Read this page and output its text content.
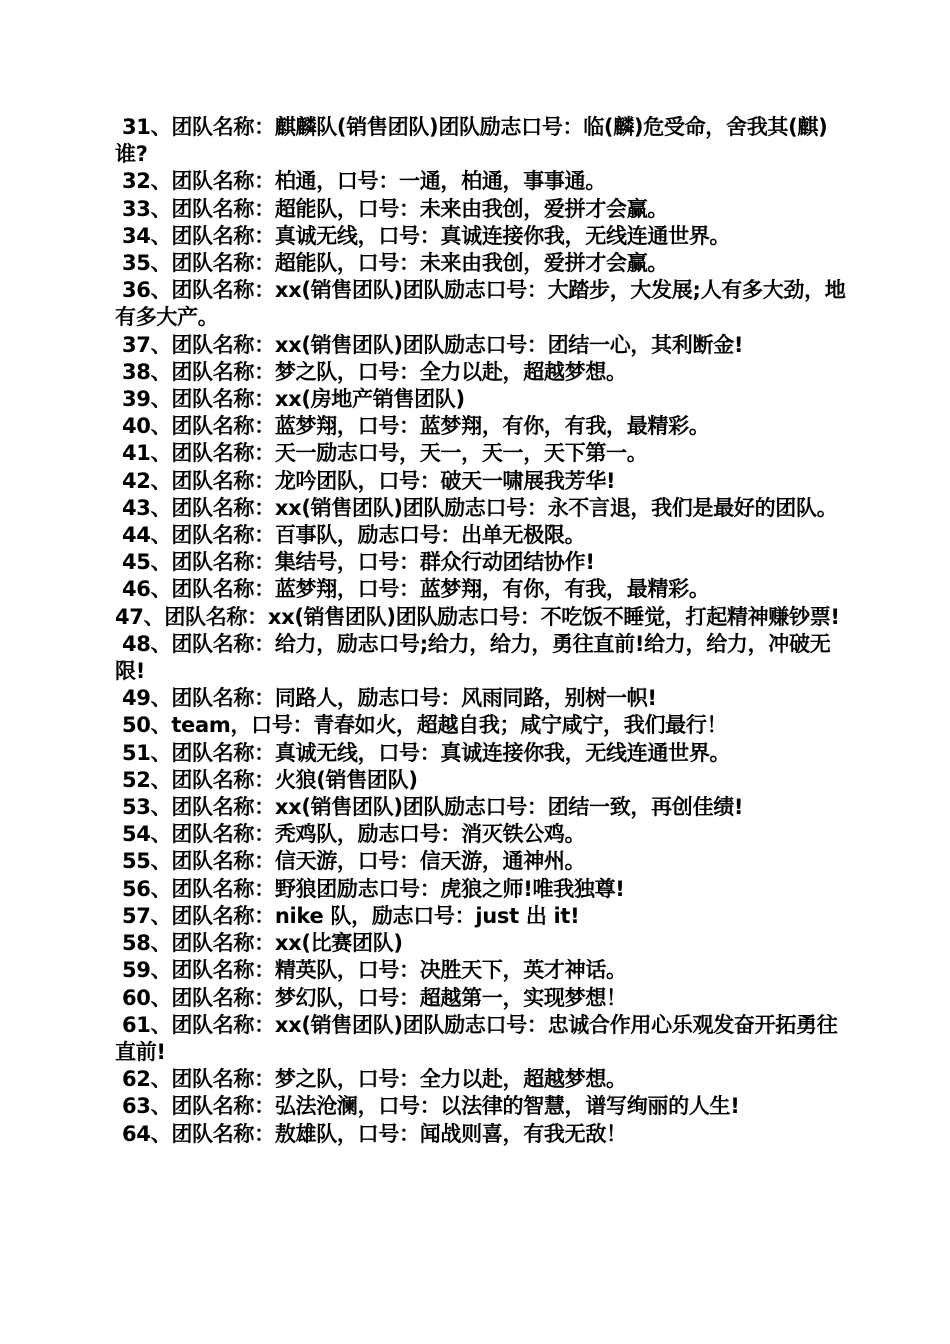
31、团队名称：麒麟队(销售团队)团队励志口号：临(麟)危受命，舍我其(麒)谁?

32、团队名称：柏通，口号：一通，柏通，事事通。

33、团队名称：超能队，口号：未来由我创，爱拼才会赢。

34、团队名称：真诚无线，口号：真诚连接你我，无线连通世界。

35、团队名称：超能队，口号：未来由我创，爱拼才会赢。

36、团队名称：xx(销售团队)团队励志口号：大踏步，大发展;人有多大劲，地有多大产。

37、团队名称：xx(销售团队)团队励志口号：团结一心，其利断金!

38、团队名称：梦之队，口号：全力以赴，超越梦想。

39、团队名称：xx(房地产销售团队)

40、团队名称：蓝梦翔，口号：蓝梦翔，有你，有我，最精彩。

41、团队名称：天一励志口号，天一，天一，天下第一。

42、团队名称：龙吟团队，口号：破天一啸展我芳华!

43、团队名称：xx(销售团队)团队励志口号：永不言退，我们是最好的团队。

44、团队名称：百事队，励志口号：出单无极限。

45、团队名称：集结号，口号：群众行动团结协作!

46、团队名称：蓝梦翔，口号：蓝梦翔，有你，有我，最精彩。

47、团队名称：xx(销售团队)团队励志口号：不吃饭不睡觉，打起精神赚钞票!

48、团队名称：给力，励志口号;给力，给力，勇往直前!给力，给力，冲破无限!

49、团队名称：同路人，励志口号：风雨同路，别树一帜!

50、team，口号：青春如火，超越自我；咸宁咸宁，我们最行！

51、团队名称：真诚无线，口号：真诚连接你我，无线连通世界。

52、团队名称：火狼(销售团队)

53、团队名称：xx(销售团队)团队励志口号：团结一致，再创佳绩!

54、团队名称：秃鸡队，励志口号：消灭铁公鸡。

55、团队名称：信天游，口号：信天游，通神州。

56、团队名称：野狼团励志口号：虎狼之师!唯我独尊!

57、团队名称：nike 队，励志口号：just 出 it!

58、团队名称：xx(比赛团队)

59、团队名称：精英队，口号：决胜天下，英才神话。

60、团队名称：梦幻队，口号：超越第一，实现梦想！

61、团队名称：xx(销售团队)团队励志口号：忠诚合作用心乐观发奋开拓勇往直前!

62、团队名称：梦之队，口号：全力以赴，超越梦想。

63、团队名称：弘法沧澜，口号：以法律的智慧，谱写绚丽的人生!

64、团队名称：敖雄队，口号：闻战则喜，有我无敌！
